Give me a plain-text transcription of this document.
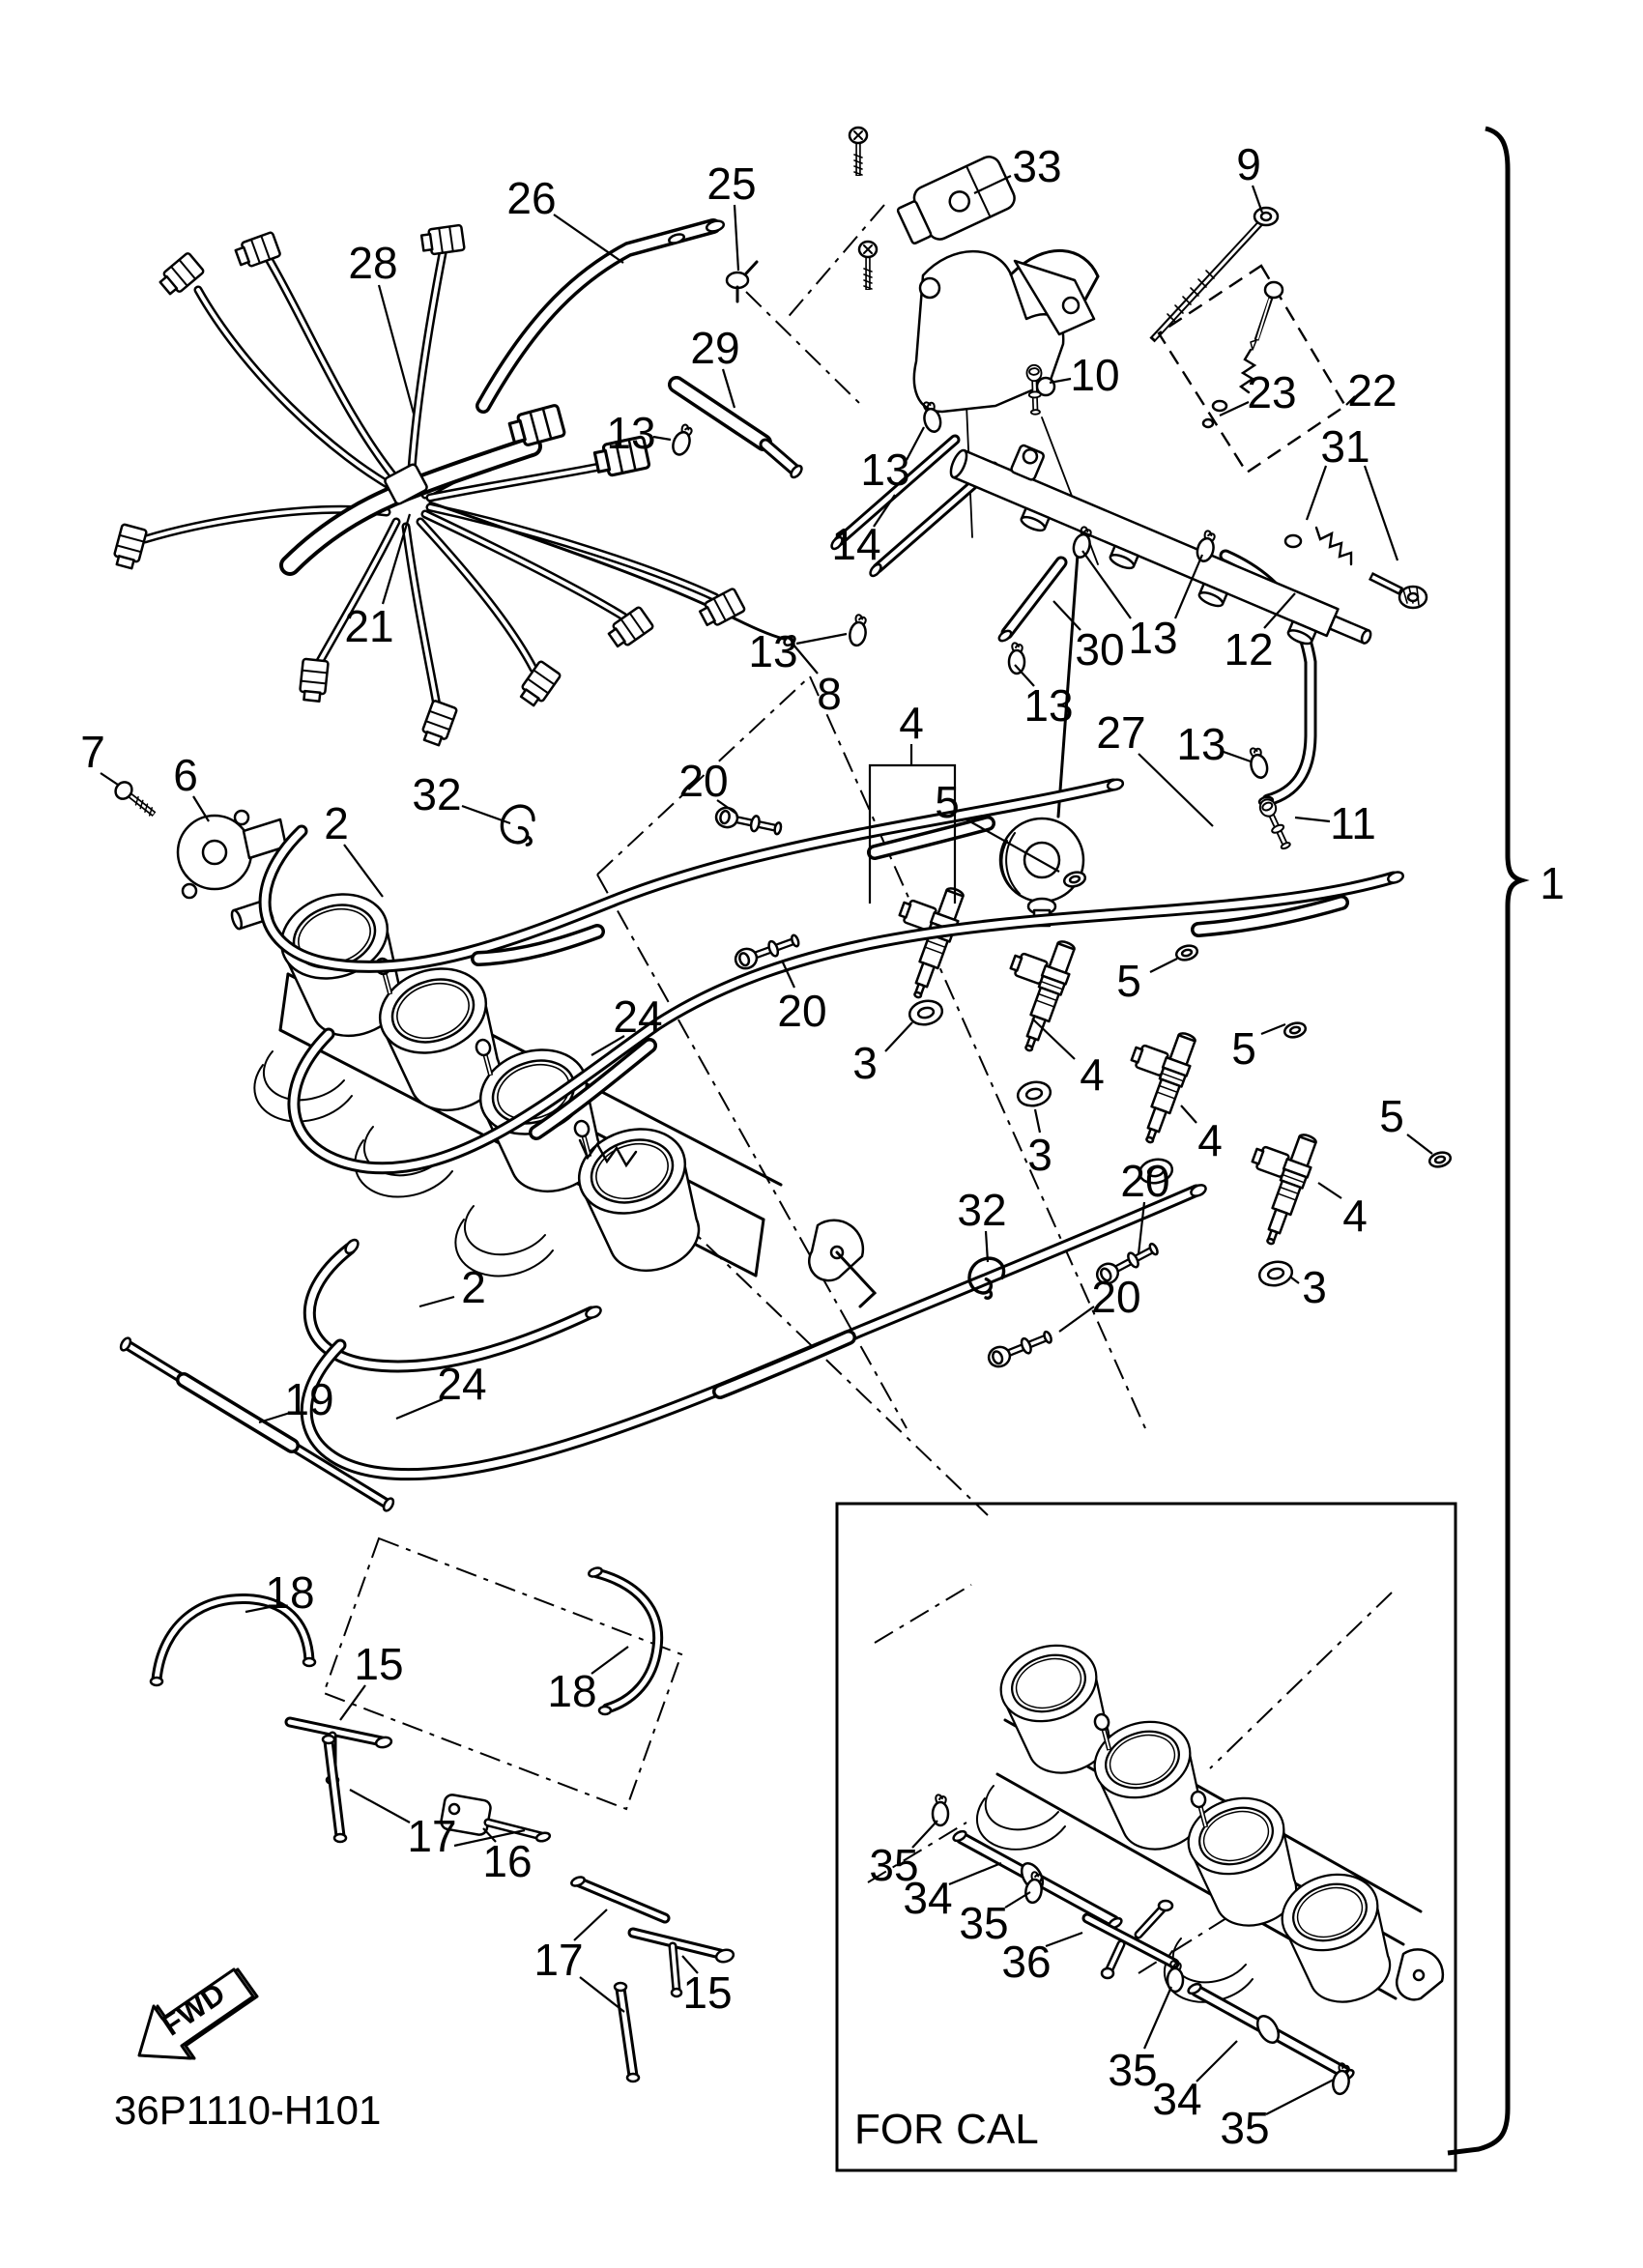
FOR CAL
FWD
36P1110-H101
26
28
25	33	9
29
10	22
23
31
21
13
13
14
8
13	30 12
13
13
13
4
5
27
11
7 6
2
32	20
24	20
3
5
4
3
5
4	5
4
3
20
32
20
2
24
19
18
15
18
17 16
17
15
35
34 35
36
35
34
35
1
